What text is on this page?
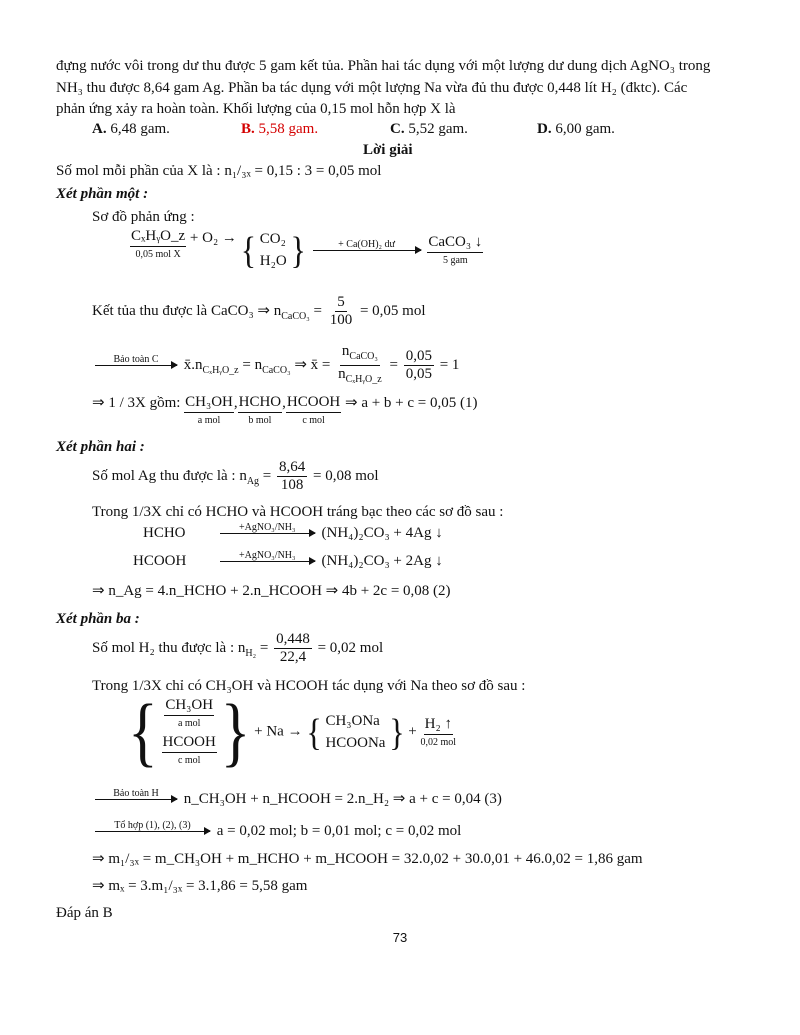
đựng nước vôi trong dư thu được 5 gam kết tủa. Phần hai tác dụng với một lượng dư dung dịch AgNO₃ trong
NH₃ thu được 8,64 gam Ag. Phần ba tác dụng với một lượng Na vừa đủ thu được 0,448 lít H₂ (đktc). Các
phản ứng xảy ra hoàn toàn. Khối lượng của 0,15 mol hỗn hợp X là
A. 6,48 gam.	B. 5,58 gam.	C. 5,52 gam.	D. 6,00 gam.
Lời giải
Số mol mỗi phần của X là : n₁/₃ₓ = 0,15 : 3 = 0,05 mol
Xét phần một :
Sơ đồ phản ứng :
CₓHᵧO_z
0,05 mol X
+ O₂ → { CO₂
H₂O }	+ Ca(OH)₂ dư
CaCO₃ ↓
5 gam
Kết tủa thu được là CaCO₃ ⇒ $n_{CaCO_3} = \frac{5}{100} = 0,05$ mol
Bảo toàn C $x̄.n_{C_xHᵧO\_z} = n_{CaCO_3}$ ⇒ x̄ = $\frac{n_{CaCO_3}}{n_{C_xHᵧO\_z}} = \frac{0,05}{0,05} = 1$
⇒ 1 / 3X gồm: CH₃OH
a mol
, HCHO
b mol
, HCOOH
c mol
⇒ a + b + c = 0,05 (1)
Xét phần hai :
Số mol Ag thu được là : $n_{Ag} = \frac{8,64}{108} = 0,08$ mol
Trong 1/3X chỉ có HCHO và HCOOH tráng bạc theo các sơ đồ sau :
HCHO	+AgNO₃/NH₃ (NH₄)₂CO₃ + 4Ag ↓
HCOOH	+AgNO₃/NH₃ (NH₄)₂CO₃ + 2Ag ↓
⇒ n_Ag = 4.n_HCHO + 2.n_HCOOH ⇒ 4b + 2c = 0,08 (2)
Xét phần ba :
Số mol H₂ thu được là : $n_{H_2} = \frac{0,448}{22,4} = 0,02$ mol
Trong 1/3X chỉ có CH₃OH và HCOOH tác dụng với Na theo sơ đồ sau :
{ CH₃OH
a mol
HCOOH
c mol } + Na → { CH₃ONa
HCOONa } + H₂ ↑
0,02 mol
Bảo toàn H n_CH₃OH + n_HCOOH = 2.n_H₂ ⇒ a + c = 0,04 (3)
Tổ hợp (1), (2), (3) a = 0,02 mol; b = 0,01 mol; c = 0,02 mol
⇒ m₁/₃ₓ = m_CH₃OH + m_HCHO + m_HCOOH = 32.0,02 + 30.0,01 + 46.0,02 = 1,86 gam
⇒ mₓ = 3.m₁/₃ₓ = 3.1,86 = 5,58 gam
Đáp án B
73
